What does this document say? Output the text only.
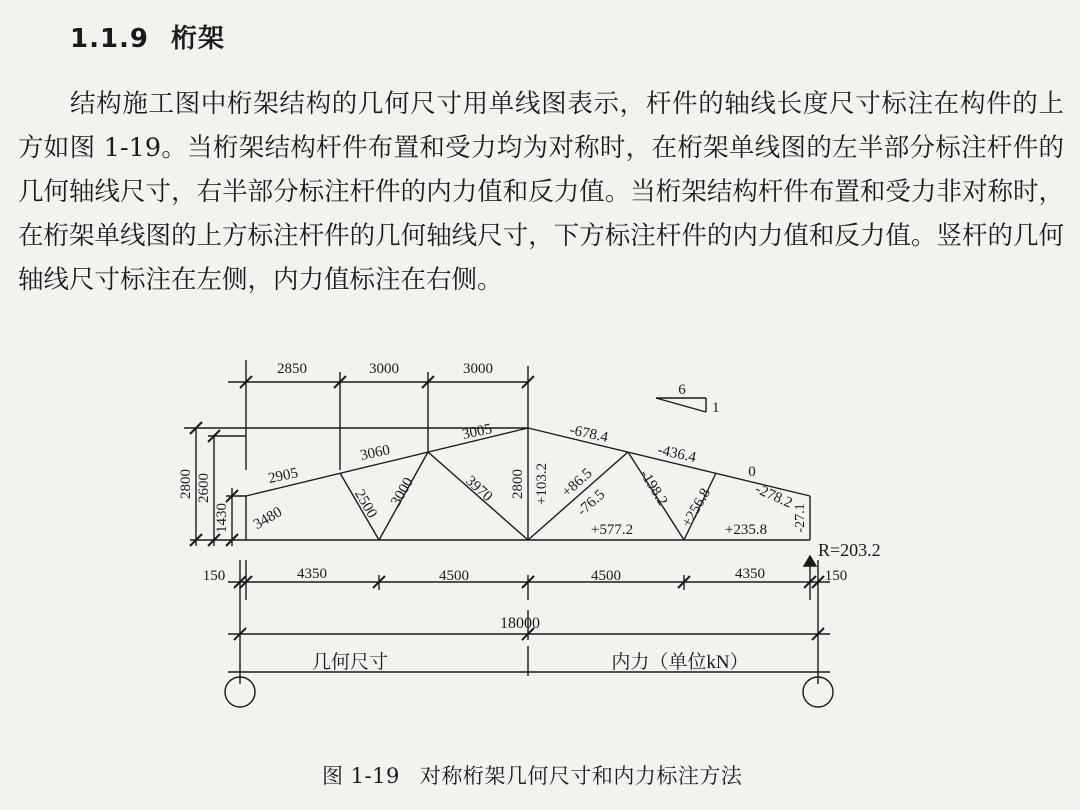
1.1.9 桁架
结构施工图中桁架结构的几何尺寸用单线图表示，杆件的轴线长度尺寸标注在构件的上方如图 1-19。当桁架结构杆件布置和受力均为对称时，在桁架单线图的左半部分标注杆件的几何轴线尺寸，右半部分标注杆件的内力值和反力值。当桁架结构杆件布置和受力非对称时，在桁架单线图的上方标注杆件的几何轴线尺寸，下方标注杆件的内力值和反力值。竖杆的几何轴线尺寸标注在左侧，内力值标注在右侧。
2850	3000	3000
6
1
2800 2600
1430
2905
3060
3005
3480	2500 3000	3970 2800
-678.4
-436.4
0
+103.2 +86.5
-76.5 -198.2 +256.8	-278.2
-27.1
+577.2	+235.8
R=203.2
150	4350	4500	4500	4350	150
18000
几何尺寸	内力（单位kN）
图 1-19 对称桁架几何尺寸和内力标注方法
